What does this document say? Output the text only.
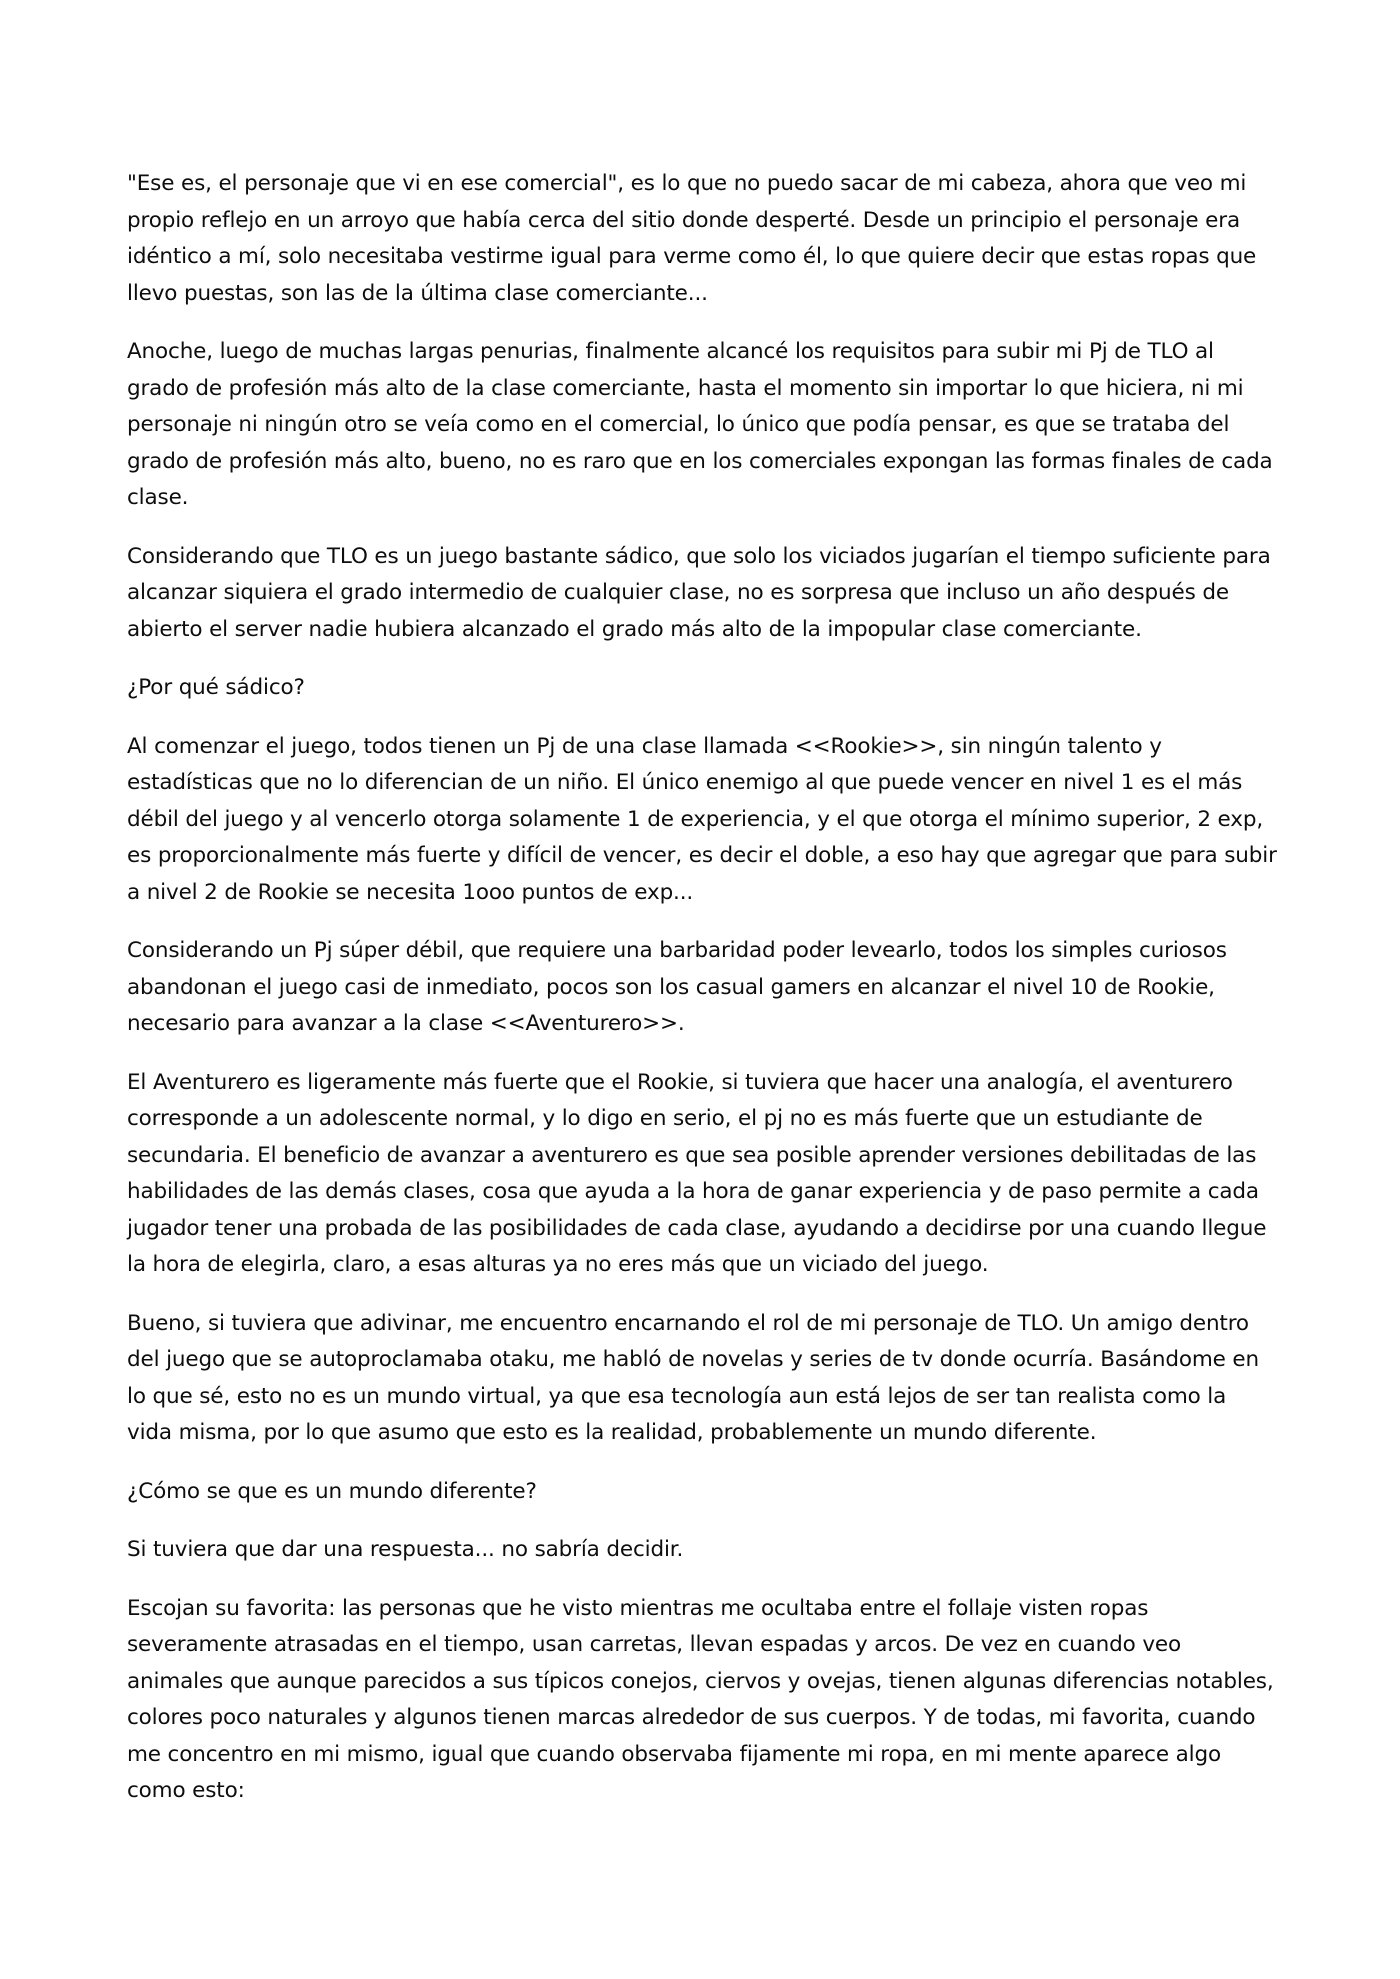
"Ese es, el personaje que vi en ese comercial", es lo que no puedo sacar de mi cabeza, ahora que veo mi propio reflejo en un arroyo que había cerca del sitio donde desperté. Desde un principio el personaje era idéntico a mí, solo necesitaba vestirme igual para verme como él, lo que quiere decir que estas ropas que llevo puestas, son las de la última clase comerciante...

Anoche, luego de muchas largas penurias, finalmente alcancé los requisitos para subir mi Pj de TLO al grado de profesión más alto de la clase comerciante, hasta el momento sin importar lo que hiciera, ni mi personaje ni ningún otro se veía como en el comercial, lo único que podía pensar, es que se trataba del grado de profesión más alto, bueno, no es raro que en los comerciales expongan las formas finales de cada clase.

Considerando que TLO es un juego bastante sádico, que solo los viciados jugarían el tiempo suficiente para alcanzar siquiera el grado intermedio de cualquier clase, no es sorpresa que incluso un año después de abierto el server nadie hubiera alcanzado el grado más alto de la impopular clase comerciante.

¿Por qué sádico?

Al comenzar el juego, todos tienen un Pj de una clase llamada <<Rookie>>, sin ningún talento y estadísticas que no lo diferencian de un niño. El único enemigo al que puede vencer en nivel 1 es el más débil del juego y al vencerlo otorga solamente 1 de experiencia, y el que otorga el mínimo superior, 2 exp, es proporcionalmente más fuerte y difícil de vencer, es decir el doble, a eso hay que agregar que para subir a nivel 2 de Rookie se necesita 1ooo puntos de exp...

Considerando un Pj súper débil, que requiere una barbaridad poder levearlo, todos los simples curiosos abandonan el juego casi de inmediato, pocos son los casual gamers en alcanzar el nivel 10 de Rookie, necesario para avanzar a la clase <<Aventurero>>.

El Aventurero es ligeramente más fuerte que el Rookie, si tuviera que hacer una analogía, el aventurero corresponde a un adolescente normal, y lo digo en serio, el pj no es más fuerte que un estudiante de secundaria. El beneficio de avanzar a aventurero es que sea posible aprender versiones debilitadas de las habilidades de las demás clases, cosa que ayuda a la hora de ganar experiencia y de paso permite a cada jugador tener una probada de las posibilidades de cada clase, ayudando a decidirse por una cuando llegue la hora de elegirla, claro, a esas alturas ya no eres más que un viciado del juego.

Bueno, si tuviera que adivinar, me encuentro encarnando el rol de mi personaje de TLO. Un amigo dentro del juego que se autoproclamaba otaku, me habló de novelas y series de tv donde ocurría. Basándome en lo que sé, esto no es un mundo virtual, ya que esa tecnología aun está lejos de ser tan realista como la vida misma, por lo que asumo que esto es la realidad, probablemente un mundo diferente.

¿Cómo se que es un mundo diferente?

Si tuviera que dar una respuesta... no sabría decidir.

Escojan su favorita: las personas que he visto mientras me ocultaba entre el follaje visten ropas severamente atrasadas en el tiempo, usan carretas, llevan espadas y arcos. De vez en cuando veo animales que aunque parecidos a sus típicos conejos, ciervos y ovejas, tienen algunas diferencias notables, colores poco naturales y algunos tienen marcas alrededor de sus cuerpos. Y de todas, mi favorita, cuando me concentro en mi mismo, igual que cuando observaba fijamente mi ropa, en mi mente aparece algo como esto:
